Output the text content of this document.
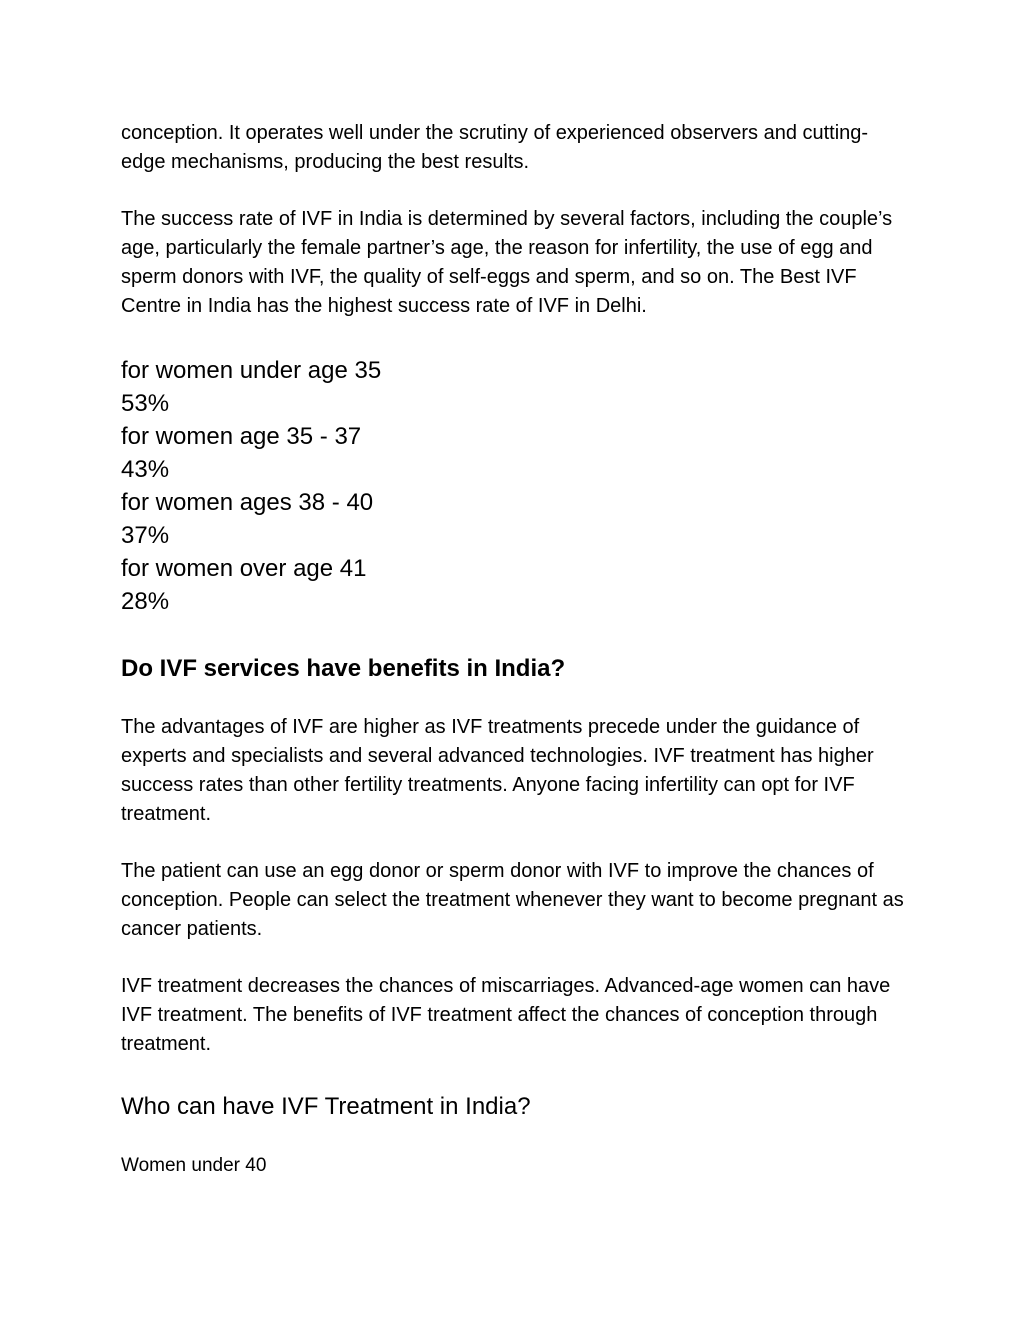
conception. It operates well under the scrutiny of experienced observers and cutting-edge mechanisms, producing the best results.

The success rate of IVF in India is determined by several factors, including the couple’s age, particularly the female partner’s age, the reason for infertility, the use of egg and sperm donors with IVF, the quality of self-eggs and sperm, and so on. The Best IVF Centre in India has the highest success rate of IVF in Delhi.

for women under age 35
53%
for women age 35 - 37
43%
for women ages 38 - 40
37%
for women over age 41
28%
Do IVF services have benefits in India?

The advantages of IVF are higher as IVF treatments precede under the guidance of experts and specialists and several advanced technologies. IVF treatment has higher success rates than other fertility treatments. Anyone facing infertility can opt for IVF treatment.

The patient can use an egg donor or sperm donor with IVF to improve the chances of conception. People can select the treatment whenever they want to become pregnant as cancer patients.

IVF treatment decreases the chances of miscarriages. Advanced-age women can have IVF treatment. The benefits of IVF treatment affect the chances of conception through treatment.

Who can have IVF Treatment in India?

Women under 40
